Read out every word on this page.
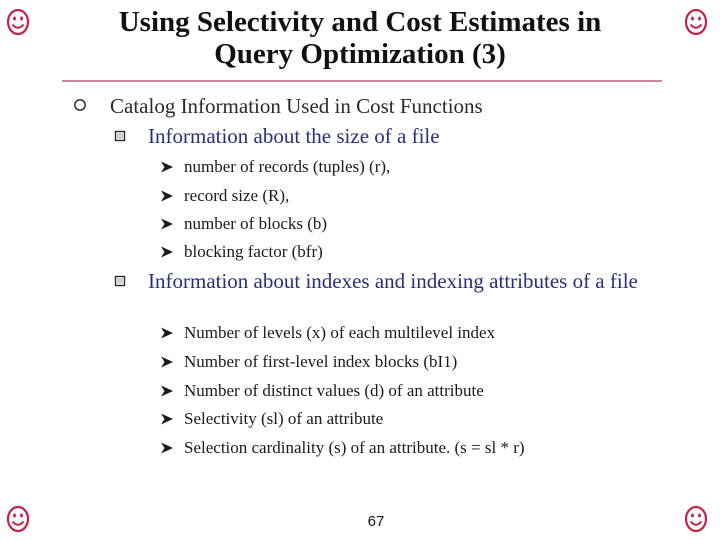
Using Selectivity and Cost Estimates in
Query Optimization (3)
Catalog Information Used in Cost Functions
Information about the size of a file
number of records (tuples) (r),
record size (R),
number of blocks (b)
blocking factor (bfr)
Information about indexes and indexing attributes of a file
Number of levels (x) of each multilevel index
Number of first-level index blocks (bI1)
Number of distinct values (d) of an attribute
Selectivity (sl) of an attribute
Selection cardinality (s) of an attribute. (s = sl * r)
67
